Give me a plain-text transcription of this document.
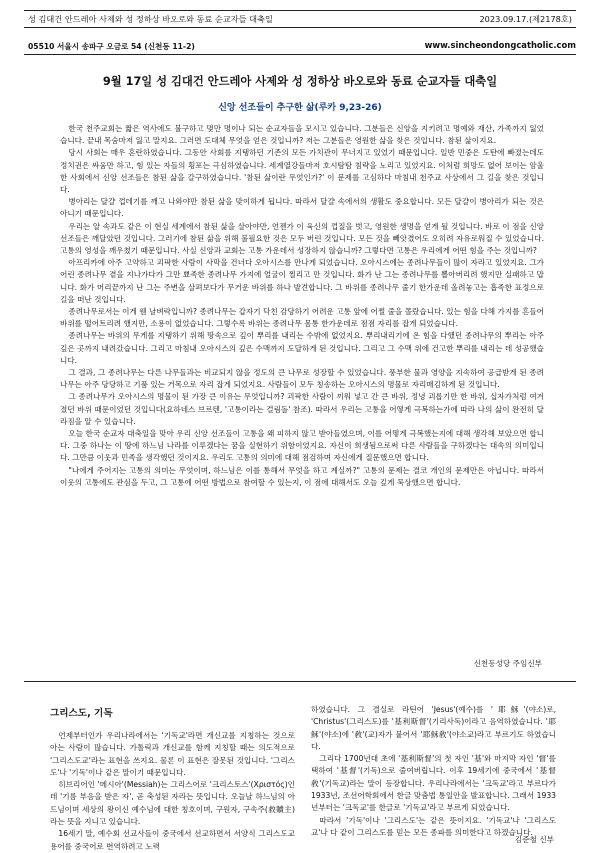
성 김대건 안드레아 사제와 성 정하상 바오로와 동료 순교자들 대축일	2023.09.17.(제2178호)
05510 서울시 송파구 오금로 54 (신천동 11-2)	www.sincheondongcatholic.com
9월 17일 성 김대건 안드레아 사제와 성 정하상 바오로와 동료 순교자들 대축일
신앙 선조들이 추구한 삶(루카 9,23-26)

한국 천주교회는 짧은 역사에도 불구하고 몇만 명이나 되는 순교자들을 모시고 있습니다. 그분들은 신앙을 지키려고 명예와 재산, 가족까지 잃었습니다. 끝내 목숨마저 잃고 말지요. 그러면 도대체 무엇을 얻은 것입니까? 저는 그분들은 영원한 삶을 찾은 것입니다. 참된 삶이지요.

당시 사회는 매우 혼란하였습니다. 그동안 사회를 지탱하던 기존의 모든 가치관이 무너지고 있었기 때문입니다. 일반 민중은 도탄에 빠졌는데도 정치권은 싸움만 하고, 힘 있는 자들의 횡포는 극심하였습니다. 세계열강들마저 호시탐탐 침략을 노리고 있었지요. 이처럼 희망도 없어 보이는 암울한 사회에서 신앙 선조들은 참된 삶을 갈구하였습니다. '참된 삶이란 무엇인가?' 이 문제를 고심하다 마침내 천주교 사상에서 그 길을 찾은 것입니다.

병아리는 달걀 껍데기를 깨고 나와야만 참된 삶을 맞이하게 됩니다. 따라서 달걀 속에서의 생활도 중요합니다. 모든 달걀이 병아리가 되는 것은 아니기 때문입니다.

우리는 알 속과도 같은 이 현실 세계에서 참된 삶을 살아야만, 언젠가 이 육신의 껍질을 벗고, 영원한 생명을 얻게 될 것입니다. 바로 이 점을 신앙 선조들은 깨달았던 것입니다. 그러기에 참된 삶을 위해 불필요한 것은 모두 버린 것입니다. 모든 것을 빼앗겼어도 오히려 자유로워질 수 있었습니다. 고통의 영성을 깨우쳤기 때문입니다. 사실 신앙과 교회는 고통 가운데서 성장하지 않습니까? 그렇다면 고통은 우리에게 어떤 힘을 주는 것입니까?

아프리카에 아주 고약하고 괴팍한 사람이 사막을 건너다 오아시스를 만나게 되었습니다. 오아시스에는 종려나무들이 많이 자라고 있었지요. 그가 어린 종려나무 곁을 지나가다가 그만 뾰족한 종려나무 가지에 얼굴이 찔리고 만 것입니다. 화가 난 그는 종려나무를 뽑아버리려 했지만 실패하고 맙니다. 화가 머리끝까지 난 그는 주변을 살펴보다가 무거운 바위를 하나 발견합니다. 그 바위를 종려나무 줄기 한가운데 올려놓고는 흡족한 표정으로 길을 떠난 것입니다.

종려나무로서는 이게 웬 날벼락입니까? 종려나무는 갑자기 닥친 감당하기 어려운 고통 앞에 어쩔 줄을 몰랐습니다. 있는 힘을 다해 가지를 흔들어 바위를 떨어트리려 했지만, 소용이 없었습니다. 그렇수록 바위는 종려나무 몸통 한가운데로 점점 자리를 잡게 되었습니다.

종려나무는 바위의 무게를 지탱하기 위해 땅속으로 깊이 뿌리를 내리는 수밖에 없었지요. 뿌리내리기에 온 힘을 다했던 종려나무의 뿌리는 아주 깊은 곳까지 내려갔습니다. 그리고 마침내 오아시스의 깊은 수맥까지 도달하게 된 것입니다. 그리고 그 수맥 위에 건고한 뿌리를 내리는 데 성공했습니다.

그 결과, 그 종려나무는 다른 나무들과는 비교되지 않을 정도의 큰 나무로 성장할 수 있었습니다. 풍부한 물과 영양을 지속하여 공급받게 된 종려나무는 아주 당당하고 기품 있는 거목으로 자리 잡게 되었지요. 사람들이 모두 칭송하는 오아시스의 명물로 자리매김하게 된 것입니다.

그 종려나무가 오아시스의 명물이 된 가장 큰 이유는 무엇입니까? 괴팍한 사람이 끼워 넣고 간 큰 바위, 정녕 괴롭기만 한 바위, 십자가처럼 여겨졌던 바위 때문이었던 것입니다(요하네스 브르텐, '고통이라는 걸림돌' 참조). 따라서 우리는 고통을 어떻게 극복하는가에 따라 나의 삶이 완전히 달라짐을 알 수 있습니다.

오늘 한국 순교자 대축일을 맞아 우리 신앙 선조들이 고통을 왜 피하지 않고 받아들였으며, 이를 어떻게 극복했는지에 대해 생각해 보았으면 합니다. 그중 하나는 이 땅에 하느님 나라를 이루겠다는 꿈을 실현하기 위함이었지요. 자신이 희생됨으로써 다른 사람들을 구하겠다는 대속의 의미입니다. 그만큼 이웃과 민족을 생각했던 것이지요. 우리도 고통의 의미에 대해 점검하며 자신에게 질문했으면 합니다.

"나에게 주어지는 고통의 의미는 무엇이며, 하느님은 이를 통해서 무엇을 하고 계실까?" 고통의 문제는 결코 개인의 문제만은 아닙니다. 따라서 이웃의 고통에도 관심을 두고, 그 고통에 어떤 방법으로 참여할 수 있는지, 이 점에 대해서도 오늘 깊게 묵상했으면 합니다.

신천동성당 주임신부
그리스도, 기독

언제부터인가 우리나라에서는 '기독교'라면 개신교를 지칭하는 것으로 아는 사람이 많습니다. 가톨릭과 개신교를 함께 지칭할 때는 의도적으로 '그리스도교'라는 표현을 쓰지요. 물론 이 표현은 잘못된 것입니다. '그리스도'나 '기독'이나 같은 말이기 때문입니다.

히브리어인 '메시아'(Messiah)는 그리스어로 '크리스토스'(Χριστός)인데 '기름 부음을 받은 자', 곧 축성된 자라는 뜻입니다. 오늘날 하느님의 아드님이며 세상의 왕이신 예수님에 대한 칭호이며, 구원자, 구속주(救贖主)라는 뜻을 지니고 있습니다.

16세기 말, 예수회 선교사들이 중국에서 선교하면서 서양식 그리스도교 용어를 중국어로 번역하려고 노력

하였습니다. 그 결실로 라틴어 'Jesus'(예수)를 '耶穌'(야소)로, 'Christus'(그리스도)를 '基利斯督'(기리사독)이라고 음역하였습니다. '耶穌'(야소)에 '敎'(교)자가 붙어서 '耶穌敎'(야소교)라고 부르기도 하였습니다.

그리다 1700년대 초에 '基利斯督'의 첫 자인 '基'와 마지막 자인 '督'를 택하여 '基督'(기독)으로 줄여버립니다. 이후 19세기에 중국에서 '基督敎'(기독교)라는 말이 등장합니다. 우리나라에서는 '크독교'라고 부르다가 1933년, 조선어학회에서 한글 맞춤법 통일안을 발표합니다. 그래서 1933년부터는 '크독교'를 한글로 '기독교'라고 부르게 되었습니다.

따라서 '기독'이나 '그리스도'는 같은 뜻이지요. '기독교'나 '그리스도교'나 다 같이 그리스도를 믿는 모든 종파를 의미한다고 하겠습니다.

김준철 신부
